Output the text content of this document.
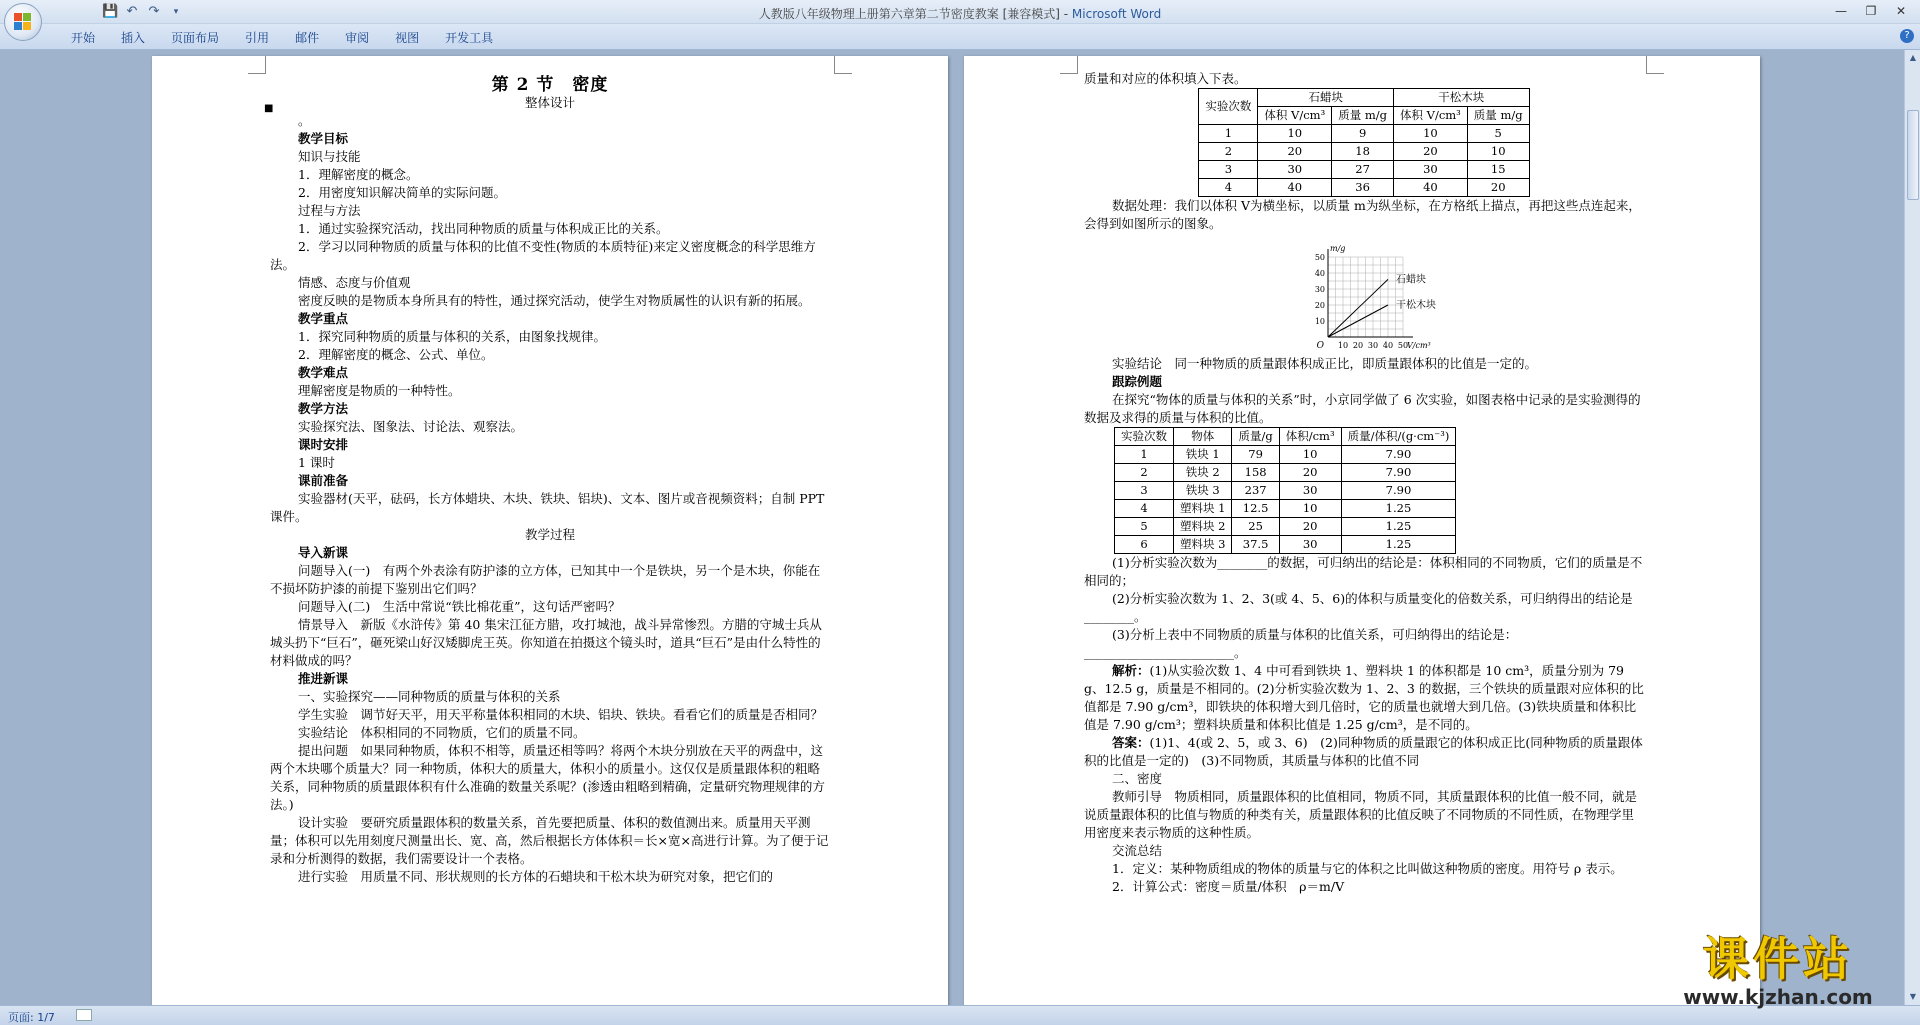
💾 ↶ ↷	▾	人教版八年级物理上册第六章第二节密度教案 [兼容模式] - Microsoft Word	—	❐	✕
开始	插入	页面布局	引用	邮件	审阅	视图	开发工具	?
■

第 2 节　密度

整体设计

。

教学目标

知识与技能

1．理解密度的概念。

2．用密度知识解决简单的实际问题。

过程与方法

1．通过实验探究活动，找出同种物质的质量与体积成正比的关系。

2．学习以同种物质的质量与体积的比值不变性(物质的本质特征)来定义密度概念的科学思维方法。

情感、态度与价值观

密度反映的是物质本身所具有的特性，通过探究活动，使学生对物质属性的认识有新的拓展。

教学重点

1．探究同种物质的质量与体积的关系，由图象找规律。

2．理解密度的概念、公式、单位。

教学难点

理解密度是物质的一种特性。

教学方法

实验探究法、图象法、讨论法、观察法。

课时安排

1 课时

课前准备

实验器材(天平，砝码，长方体蜡块、木块、铁块、铝块)、文本、图片或音视频资料；自制 PPT 课件。

教学过程

导入新课

问题导入(一)　有两个外表涂有防护漆的立方体，已知其中一个是铁块，另一个是木块，你能在不损坏防护漆的前提下鉴别出它们吗？

问题导入(二)　生活中常说“铁比棉花重”，这句话严密吗？

情景导入　新版《水浒传》第 40 集宋江征方腊，攻打城池，战斗异常惨烈。方腊的守城士兵从城头扔下“巨石”，砸死梁山好汉矮脚虎王英。你知道在拍摄这个镜头时，道具“巨石”是由什么特性的材料做成的吗？

推进新课

一、实验探究——同种物质的质量与体积的关系

学生实验　调节好天平，用天平称量体积相同的木块、铝块、铁块。看看它们的质量是否相同？

实验结论　体积相同的不同物质，它们的质量不同。

提出问题　如果同种物质，体积不相等，质量还相等吗？将两个木块分别放在天平的两盘中，这两个木块哪个质量大？同一种物质，体积大的质量大，体积小的质量小。这仅仅是质量跟体积的粗略关系，同种物质的质量跟体积有什么准确的数量关系呢？(渗透由粗略到精确，定量研究物理规律的方法。)

设计实验　要研究质量跟体积的数量关系，首先要把质量、体积的数值测出来。质量用天平测量；体积可以先用刻度尺测量出长、宽、高，然后根据长方体体积＝长×宽×高进行计算。为了便于记录和分析测得的数据，我们需要设计一个表格。

进行实验　用质量不同、形状规则的长方体的石蜡块和干松木块为研究对象，把它们的

质量和对应的体积填入下表。

实验次数	石蜡块		干松木块	
	体积 V/cm³	质量 m/g	体积 V/cm³	质量 m/g
1	10	9	10	5
2	20	18	20	10
3	30	27	30	15
4	40	36	40	20

数据处理：我们以体积 V为横坐标，以质量 m为纵坐标，在方格纸上描点，再把这些点连起来，会得到如图所示的图象。

10 20 30 40 50
10
20
30
40
50
O	V/cm³
m/g
石蜡块
干松木块

实验结论　同一种物质的质量跟体积成正比，即质量跟体积的比值是一定的。

跟踪例题

在探究“物体的质量与体积的关系”时，小京同学做了 6 次实验，如图表格中记录的是实验测得的数据及求得的质量与体积的比值。

实验次数	物体	质量/g	体积/cm³	质量/体积/(g·cm⁻³)
1	铁块 1	79	10	7.90
2	铁块 2	158	20	7.90
3	铁块 3	237	30	7.90
4	塑料块 1	12.5	10	1.25
5	塑料块 2	25	20	1.25
6	塑料块 3	37.5	30	1.25

(1)分析实验次数为________的数据，可归纳出的结论是：体积相同的不同物质，它们的质量是不相同的；

(2)分析实验次数为 1、2、3(或 4、5、6)的体积与质量变化的倍数关系，可归纳得出的结论是________。

(3)分析上表中不同物质的质量与体积的比值关系，可归纳得出的结论是：________________________。

解析：(1)从实验次数 1、4 中可看到铁块 1、塑料块 1 的体积都是 10 cm³，质量分别为 79 g、12.5 g，质量是不相同的。(2)分析实验次数为 1、2、3 的数据，三个铁块的质量跟对应体积的比值都是 7.90 g/cm³，即铁块的体积增大到几倍时，它的质量也就增大到几倍。(3)铁块质量和体积比值是 7.90 g/cm³；塑料块质量和体积比值是 1.25 g/cm³，是不同的。

答案：(1)1、4(或 2、5，或 3、6)　(2)同种物质的质量跟它的体积成正比(同种物质的质量跟体积的比值是一定的)　(3)不同物质，其质量与体积的比值不同

二、密度

教师引导　物质相同，质量跟体积的比值相同，物质不同，其质量跟体积的比值一般不同，就是说质量跟体积的比值与物质的种类有关，质量跟体积的比值反映了不同物质的不同性质，在物理学里用密度来表示物质的这种性质。

交流总结

1．定义：某种物质组成的物体的质量与它的体积之比叫做这种物质的密度。用符号 ρ 表示。

2．计算公式：密度＝质量/体积　ρ＝m/V

▲
▼
页面: 1/7
课件站
www.kjzhan.com
